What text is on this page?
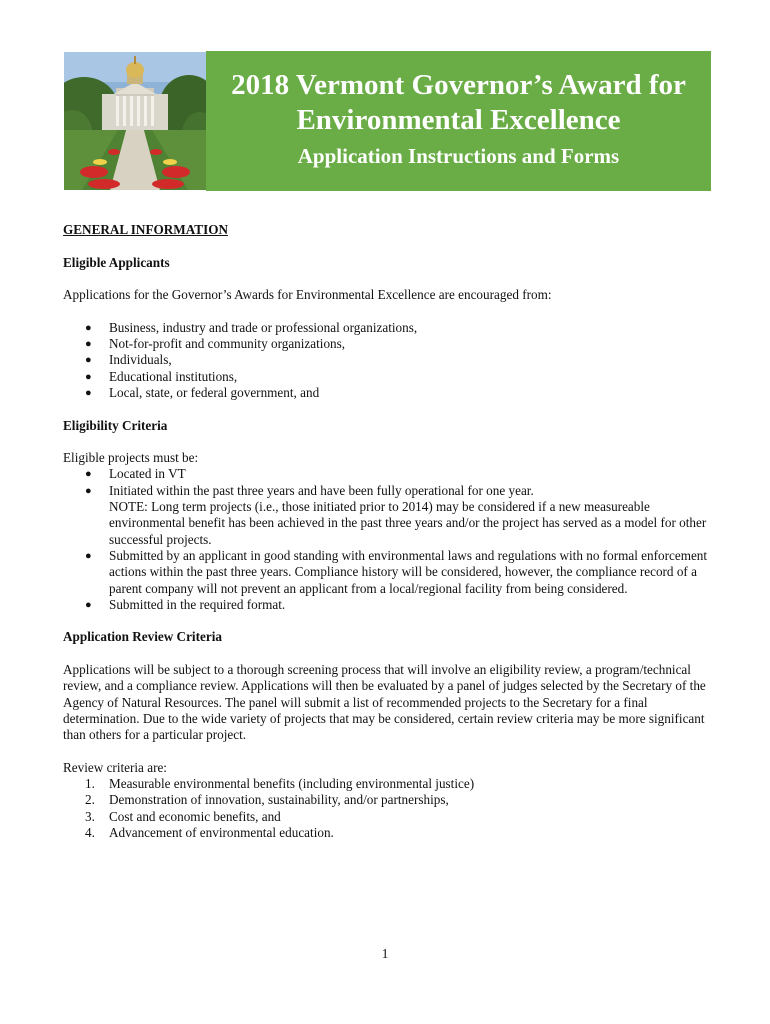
2018 Vermont Governor’s Award for
Environmental Excellence

Application Instructions and Forms

GENERAL INFORMATION

Eligible Applicants

Applications for the Governor’s Awards for Environmental Excellence are encouraged from:

● Business, industry and trade or professional organizations,
● Not-for-profit and community organizations,
● Individuals,
● Educational institutions,
● Local, state, or federal government, and

Eligibility Criteria

Eligible projects must be:

● Located in VT
● Initiated within the past three years and have been fully operational for one year.
NOTE: Long term projects (i.e., those initiated prior to 2014) may be considered if a new measureable environmental benefit has been achieved in the past three years and/or the project has served as a model for other successful projects.
● Submitted by an applicant in good standing with environmental laws and regulations with no formal enforcement actions within the past three years. Compliance history will be considered, however, the compliance record of a parent company will not prevent an applicant from a local/regional facility from being considered.
● Submitted in the required format.

Application Review Criteria

Applications will be subject to a thorough screening process that will involve an eligibility review, a program/technical review, and a compliance review. Applications will then be evaluated by a panel of judges selected by the Secretary of the Agency of Natural Resources. The panel will submit a list of recommended projects to the Secretary for a final determination. Due to the wide variety of projects that may be considered, certain review criteria may be more significant than others for a particular project.

Review criteria are:

1. Measurable environmental benefits (including environmental justice)
2. Demonstration of innovation, sustainability, and/or partnerships,
3. Cost and economic benefits, and
4. Advancement of environmental education.
1
